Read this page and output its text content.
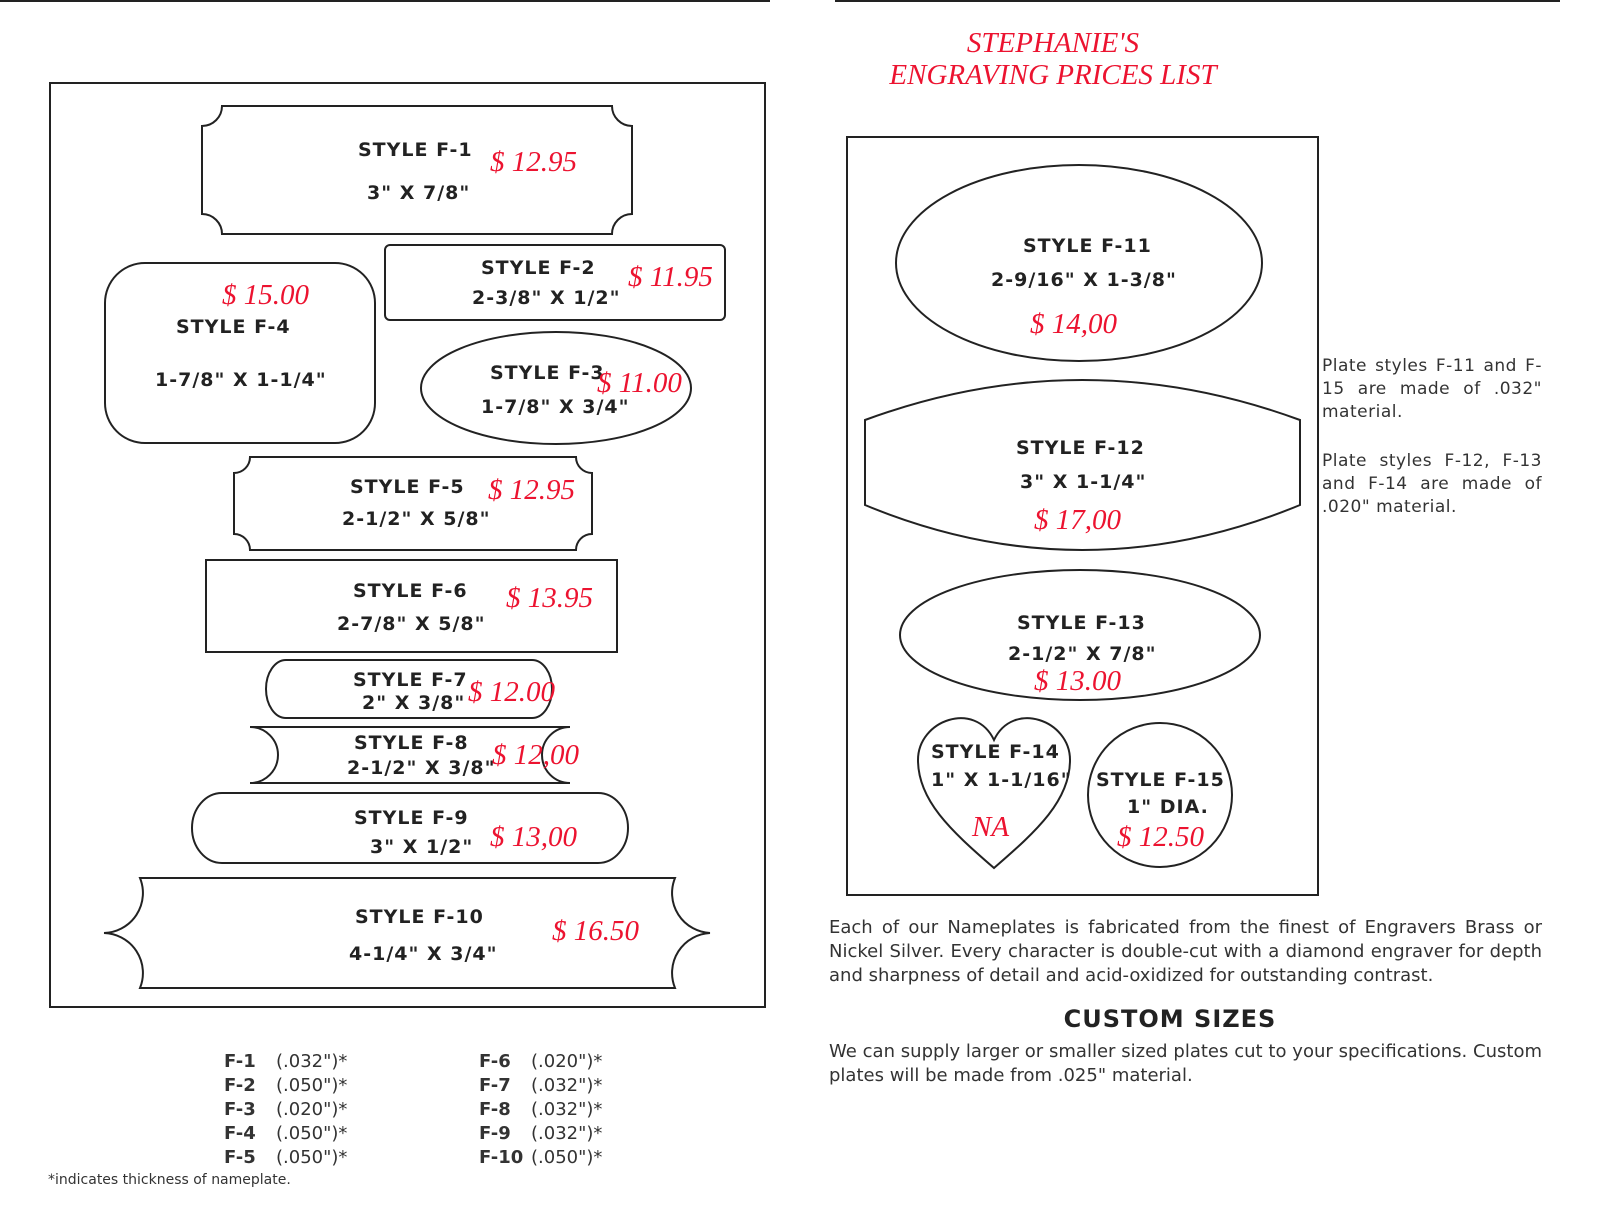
STEPHANIE'S
ENGRAVING PRICES LIST
STYLE F-1
3" X 7/8"
$ 12.95
STYLE F-2
2-3/8" X 1/2"
$ 11.95
STYLE F-3
1-7/8" X 3/4"
$ 11.00
$ 15.00
STYLE F-4
1-7/8" X 1-1/4"
STYLE F-5
2-1/2" X 5/8"
$ 12.95
STYLE F-6
2-7/8" X 5/8"
$ 13.95
STYLE F-7
2" X 3/8" $ 12.00
STYLE F-8
2-1/2" X 3/8"
$ 12,00
STYLE F-9
3" X 1/2" $ 13,00
STYLE F-10
4-1/4" X 3/4"
$ 16.50
STYLE F-11
2-9/16" X 1-3/8"
$ 14,00
STYLE F-12
3" X 1-1/4"
$ 17,00
STYLE F-13
2-1/2" X 7/8"
$ 13.00
STYLE F-14
1" X 1-1/16"
NA
STYLE F-15
1" DIA.
$ 12.50
Plate styles F-11 and F-15 are made of .032" material.
Plate styles F-12, F-13 and F-14 are made of .020" material.
Each of our Nameplates is fabricated from the finest of Engravers Brass or Nickel Silver. Every character is double-cut with a diamond engraver for depth and sharpness of detail and acid-oxidized for outstanding contrast.
CUSTOM SIZES
We can supply larger or smaller sized plates cut to your specifications. Custom plates will be made from .025" material.
F-1 (.032")*
F-2 (.050")*
F-3 (.020")*
F-4 (.050")*
F-5 (.050")*
F-6 (.020")*
F-7 (.032")*
F-8 (.032")*
F-9 (.032")*
F-10 (.050")*
*indicates thickness of nameplate.
